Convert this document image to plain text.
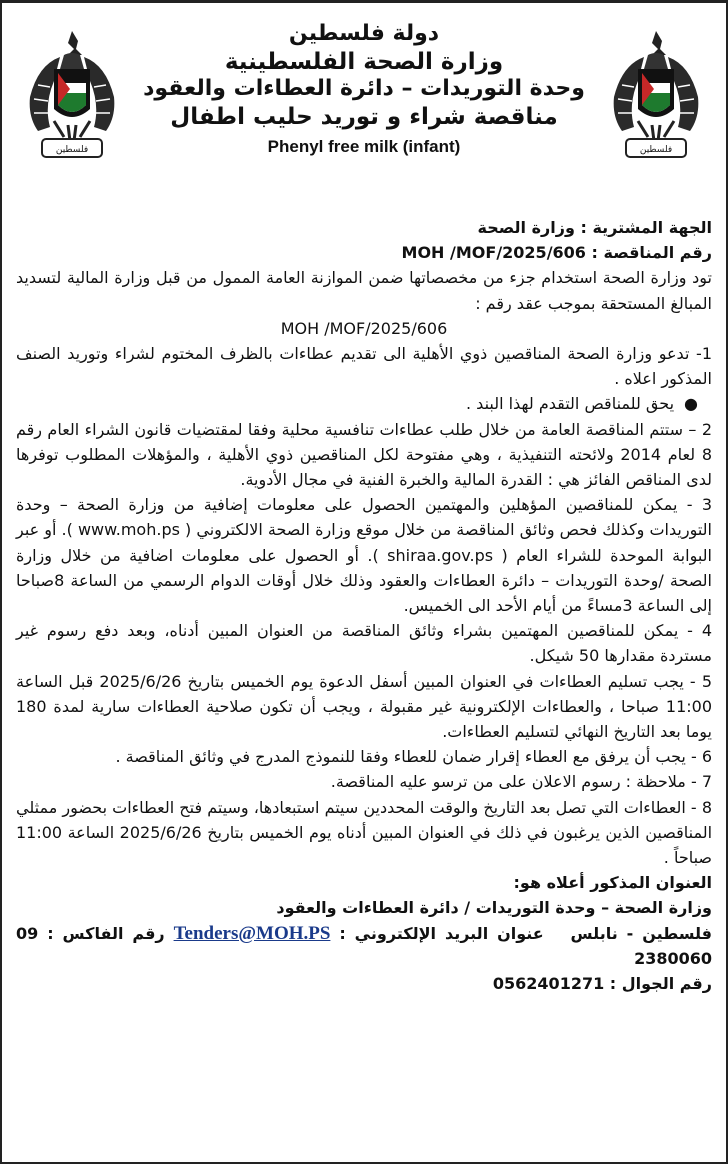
فلسطين	فلسطين
دولة فلسطين
وزارة الصحة الفلسطينية
وحدة التوريدات – دائرة العطاءات والعقود
مناقصة شراء و توريد حليب اطفال
Phenyl free milk (infant)

الجهة المشترية : وزارة الصحة

رقم المناقصة : MOH /MOF/2025/606

تود وزارة الصحة استخدام جزء من مخصصاتها ضمن الموازنة العامة الممول من قبل وزارة المالية لتسديد المبالغ المستحقة بموجب عقد رقم :

MOH /MOF/2025/606

1- تدعو وزارة الصحة المناقصين ذوي الأهلية الى تقديم عطاءات بالظرف المختوم لشراء وتوريد الصنف المذكور اعلاه .

● يحق للمناقص التقدم لهذا البند .

2 – ستتم المناقصة العامة من خلال طلب عطاءات تنافسية محلية وفقا لمقتضيات قانون الشراء العام رقم 8 لعام 2014 ولائحته التنفيذية ، وهي مفتوحة لكل المناقصين ذوي الأهلية ، والمؤهلات المطلوب توفرها لدى المناقص الفائز هي : القدرة المالية والخبرة الفنية في مجال الأدوية.

3 - يمكن للمناقصين المؤهلين والمهتمين الحصول على معلومات إضافية من وزارة الصحة – وحدة التوريدات وكذلك فحص وثائق المناقصة من خلال موقع وزارة الصحة الالكتروني ( www.moh.ps ). أو عبر البوابة الموحدة للشراء العام ( shiraa.gov.ps ). أو الحصول على معلومات اضافية من خلال وزارة الصحة /وحدة التوريدات – دائرة العطاءات والعقود وذلك خلال أوقات الدوام الرسمي من الساعة 8صباحا إلى الساعة 3مساءً من أيام الأحد الى الخميس.

4 - يمكن للمناقصين المهتمين بشراء وثائق المناقصة من العنوان المبين أدناه، وبعد دفع رسوم غير مستردة مقدارها 50 شيكل.

5 - يجب تسليم العطاءات في العنوان المبين أسفل الدعوة يوم الخميس بتاريخ 2025/6/26 قبل الساعة 11:00 صباحا ، والعطاءات الإلكترونية غير مقبولة ، ويجب أن تكون صلاحية العطاءات سارية لمدة 180 يوما بعد التاريخ النهائي لتسليم العطاءات.

6 - يجب أن يرفق مع العطاء إقرار ضمان للعطاء وفقا للنموذج المدرج في وثائق المناقصة .

7 - ملاحظة : رسوم الاعلان على من ترسو عليه المناقصة.

8 - العطاءات التي تصل بعد التاريخ والوقت المحددين سيتم استبعادها، وسيتم فتح العطاءات بحضور ممثلي المناقصين الذين يرغبون في ذلك في العنوان المبين أدناه يوم الخميس بتاريخ 2025/6/26 الساعة 11:00 صباحاً .

العنوان المذكور أعلاه هو:

وزارة الصحة – وحدة التوريدات / دائرة العطاءات والعقود

فلسطين - نابلس   عنوان البريد الإلكتروني : Tenders@MOH.PS رقم الفاكس : 09 2380060

رقم الجوال : 0562401271
